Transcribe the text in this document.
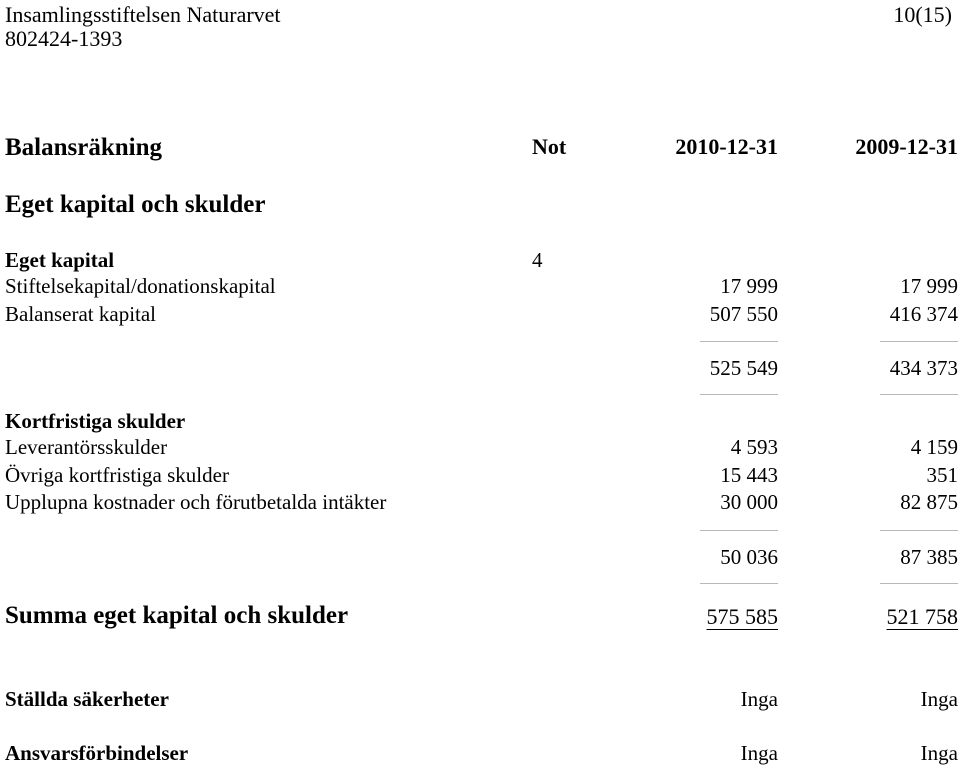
Insamlingsstiftelsen Naturarvet
802424-1393
10(15)
Balansräkning	Not	2010-12-31	2009-12-31
Eget kapital och skulder
Eget kapital	4
Stiftelsekapital/donationskapital	17 999	17 999
Balanserat kapital	507 550	416 374
525 549	434 373
Kortfristiga skulder
Leverantörsskulder	4 593	4 159
Övriga kortfristiga skulder	15 443	351
Upplupna kostnader och förutbetalda intäkter	30 000	82 875
50 036	87 385
Summa eget kapital och skulder	575 585	521 758
Ställda säkerheter	Inga	Inga
Ansvarsförbindelser	Inga	Inga
